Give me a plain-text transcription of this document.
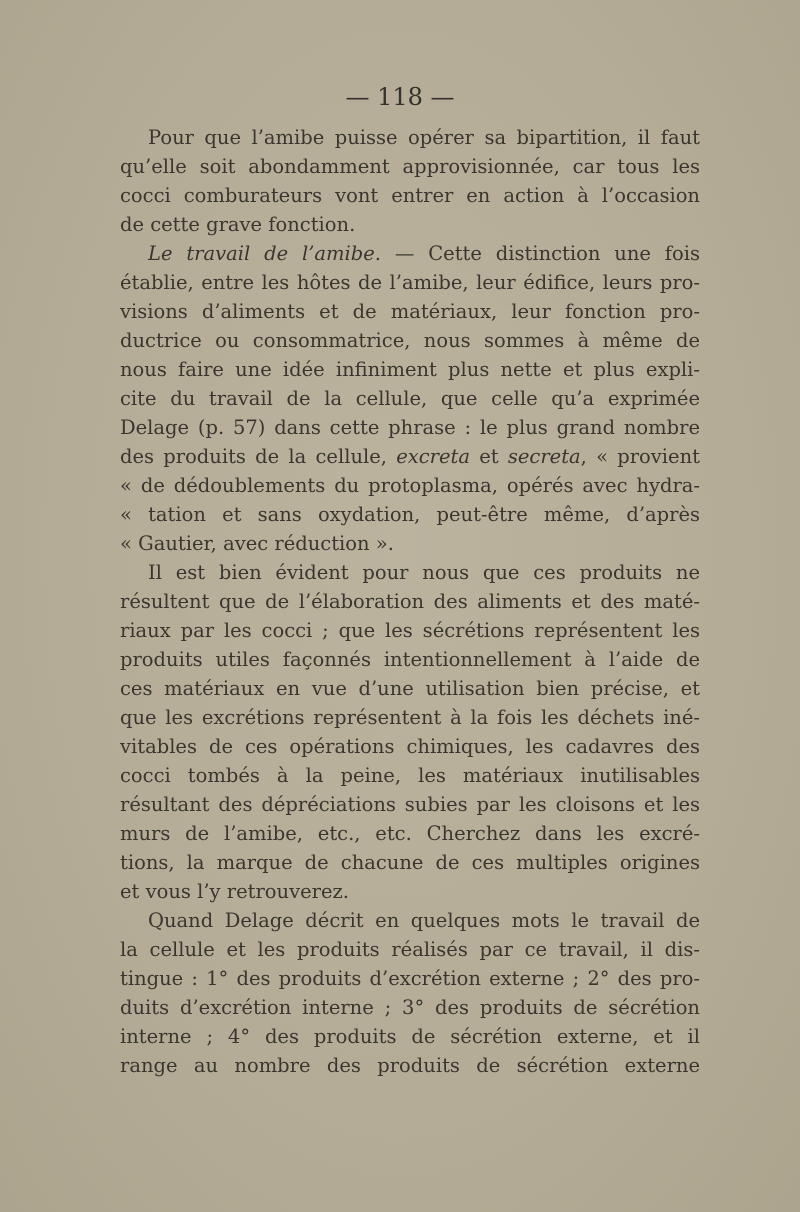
— 118 —
Pour que l’amibe puisse opérer sa bipartition, il faut
qu’elle soit abondamment approvisionnée, car tous les
cocci comburateurs vont entrer en action à l’occasion
de cette grave fonction.
Le travail de l’amibe. — Cette distinction une fois
établie, entre les hôtes de l’amibe, leur édifice, leurs pro-
visions d’aliments et de matériaux, leur fonction pro-
ductrice ou consommatrice, nous sommes à même de
nous faire une idée infiniment plus nette et plus expli-
cite du travail de la cellule, que celle qu’a exprimée
Delage (p. 57) dans cette phrase : le plus grand nombre
des produits de la cellule, excreta et secreta, « provient
« de dédoublements du protoplasma, opérés avec hydra-
« tation et sans oxydation, peut-être même, d’après
« Gautier, avec réduction ».
Il est bien évident pour nous que ces produits ne
résultent que de l’élaboration des aliments et des maté-
riaux par les cocci ; que les sécrétions représentent les
produits utiles façonnés intentionnellement à l’aide de
ces matériaux en vue d’une utilisation bien précise, et
que les excrétions représentent à la fois les déchets iné-
vitables de ces opérations chimiques, les cadavres des
cocci tombés à la peine, les matériaux inutilisables
résultant des dépréciations subies par les cloisons et les
murs de l’amibe, etc., etc. Cherchez dans les excré-
tions, la marque de chacune de ces multiples origines
et vous l’y retrouverez.
Quand Delage décrit en quelques mots le travail de
la cellule et les produits réalisés par ce travail, il dis-
tingue : 1° des produits d’excrétion externe ; 2° des pro-
duits d’excrétion interne ; 3° des produits de sécrétion
interne ; 4° des produits de sécrétion externe, et il
range au nombre des produits de sécrétion externe
